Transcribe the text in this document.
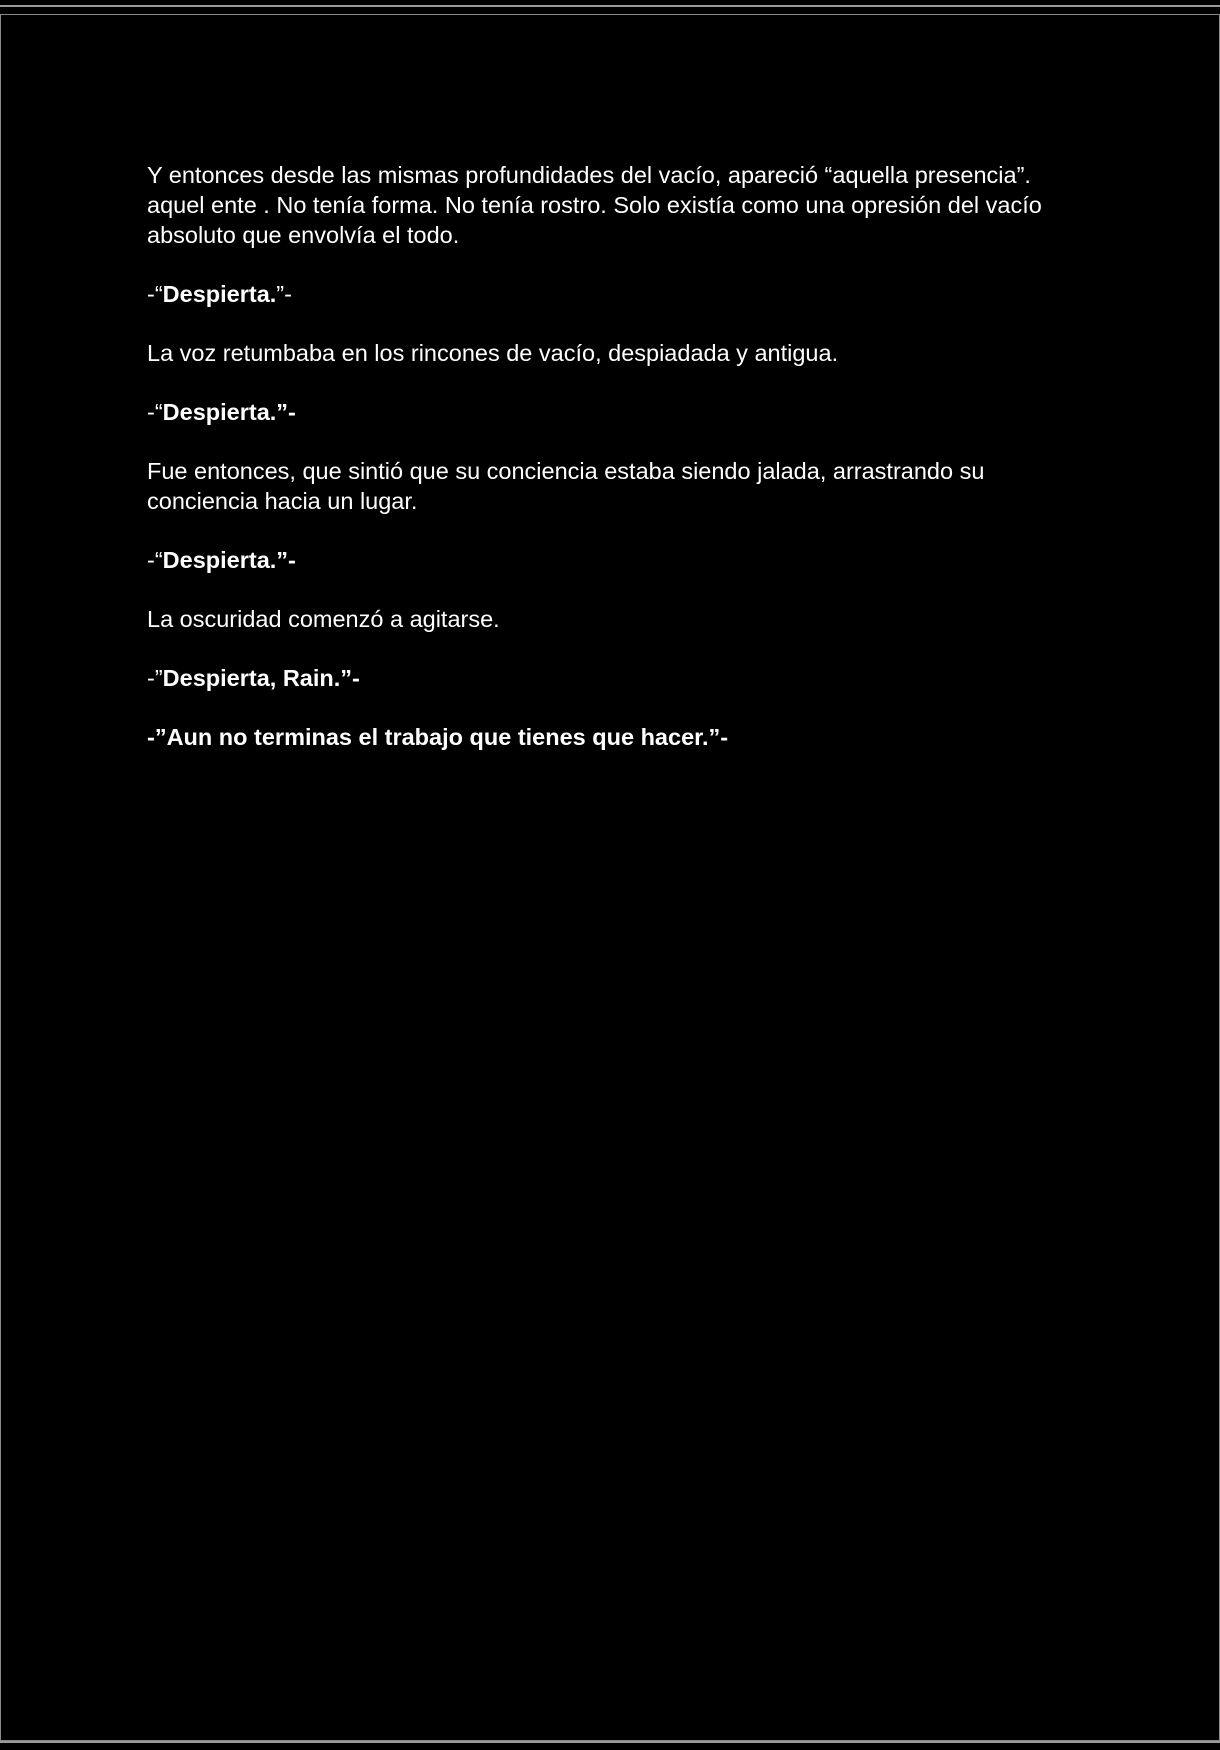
Y entonces desde las mismas profundidades del vacío, apareció “aquella presencia”. aquel ente . No tenía forma. No tenía rostro. Solo existía como una opresión del vacío absoluto que envolvía el todo.

-“Despierta.”-

La voz retumbaba en los rincones de vacío, despiadada y antigua.

-“Despierta.”-

Fue entonces, que sintió que su conciencia estaba siendo jalada, arrastrando su conciencia hacia un lugar.

-“Despierta.”-

La oscuridad comenzó a agitarse.

-”Despierta, Rain.”-

-”Aun no terminas el trabajo que tienes que hacer.”-
